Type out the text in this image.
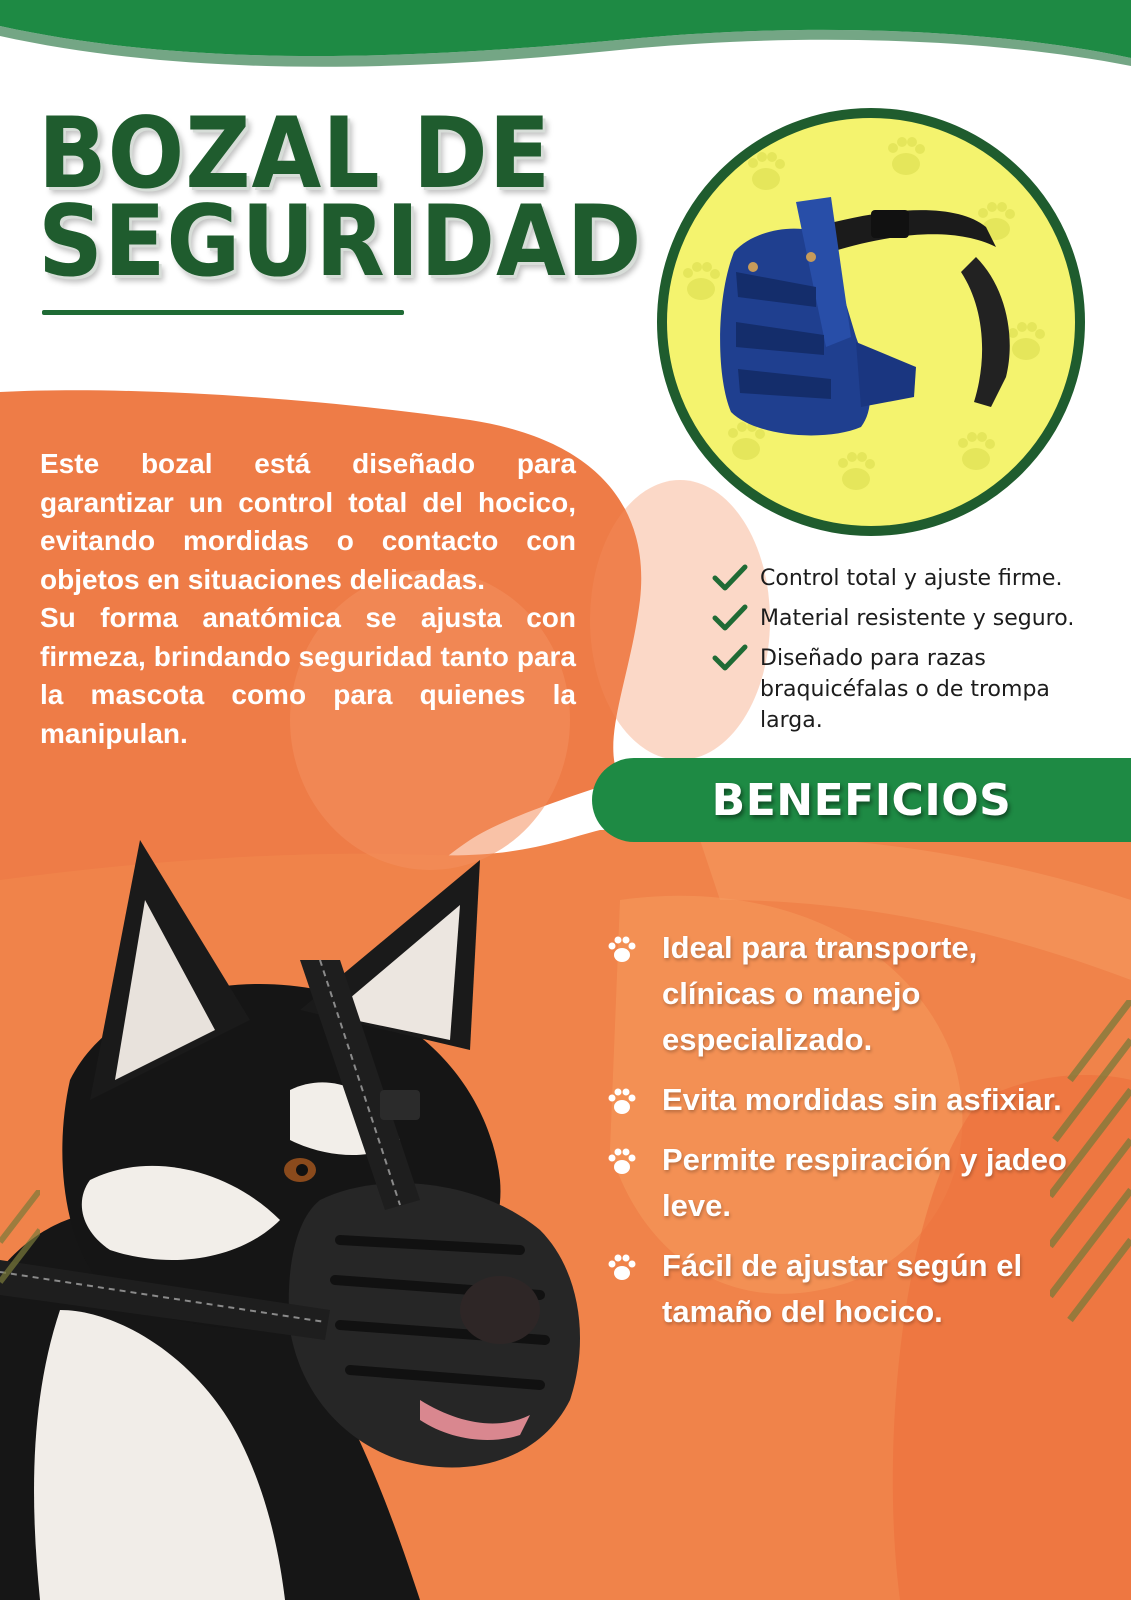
BOZAL DE
SEGURIDAD

Este bozal está diseñado para garantizar un control total del hocico, evitando mordidas o contacto con objetos en situaciones delicadas.

Su forma anatómica se ajusta con firmeza, brindando seguridad tanto para la mascota como para quienes la manipulan.

Control total y ajuste firme.
Material resistente y seguro.
Diseñado para razas braquicéfalas o de trompa larga.
BENEFICIOS
Ideal para transporte, clínicas o manejo especializado.
Evita mordidas sin asfixiar.
Permite respiración y jadeo leve.
Fácil de ajustar según el tamaño del hocico.
